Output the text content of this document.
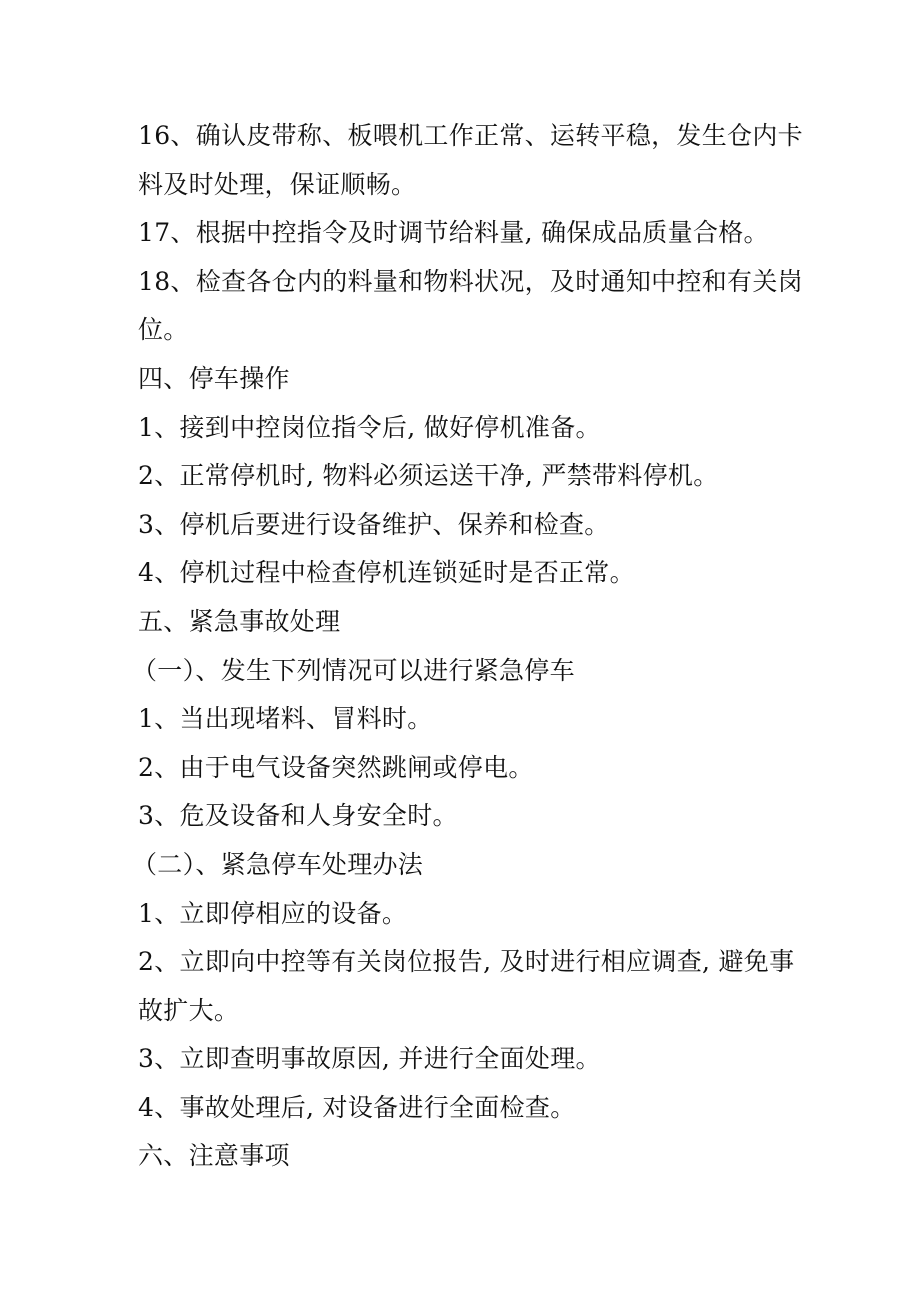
16、确认皮带称、板喂机工作正常、运转平稳，发生仓内卡
料及时处理，保证顺畅。
17、根据中控指令及时调节给料量, 确保成品质量合格。
18、检查各仓内的料量和物料状况，及时通知中控和有关岗
位。
四、停车操作
1、接到中控岗位指令后, 做好停机准备。
2、正常停机时, 物料必须运送干净, 严禁带料停机。
3、停机后要进行设备维护、保养和检查。
4、停机过程中检查停机连锁延时是否正常。
五、紧急事故处理
（一）、发生下列情况可以进行紧急停车
1、当出现堵料、冒料时。
2、由于电气设备突然跳闸或停电。
3、危及设备和人身安全时。
（二）、紧急停车处理办法
1、立即停相应的设备。
2、立即向中控等有关岗位报告, 及时进行相应调查, 避免事
故扩大。
3、立即查明事故原因, 并进行全面处理。
4、事故处理后, 对设备进行全面检查。
六、注意事项
